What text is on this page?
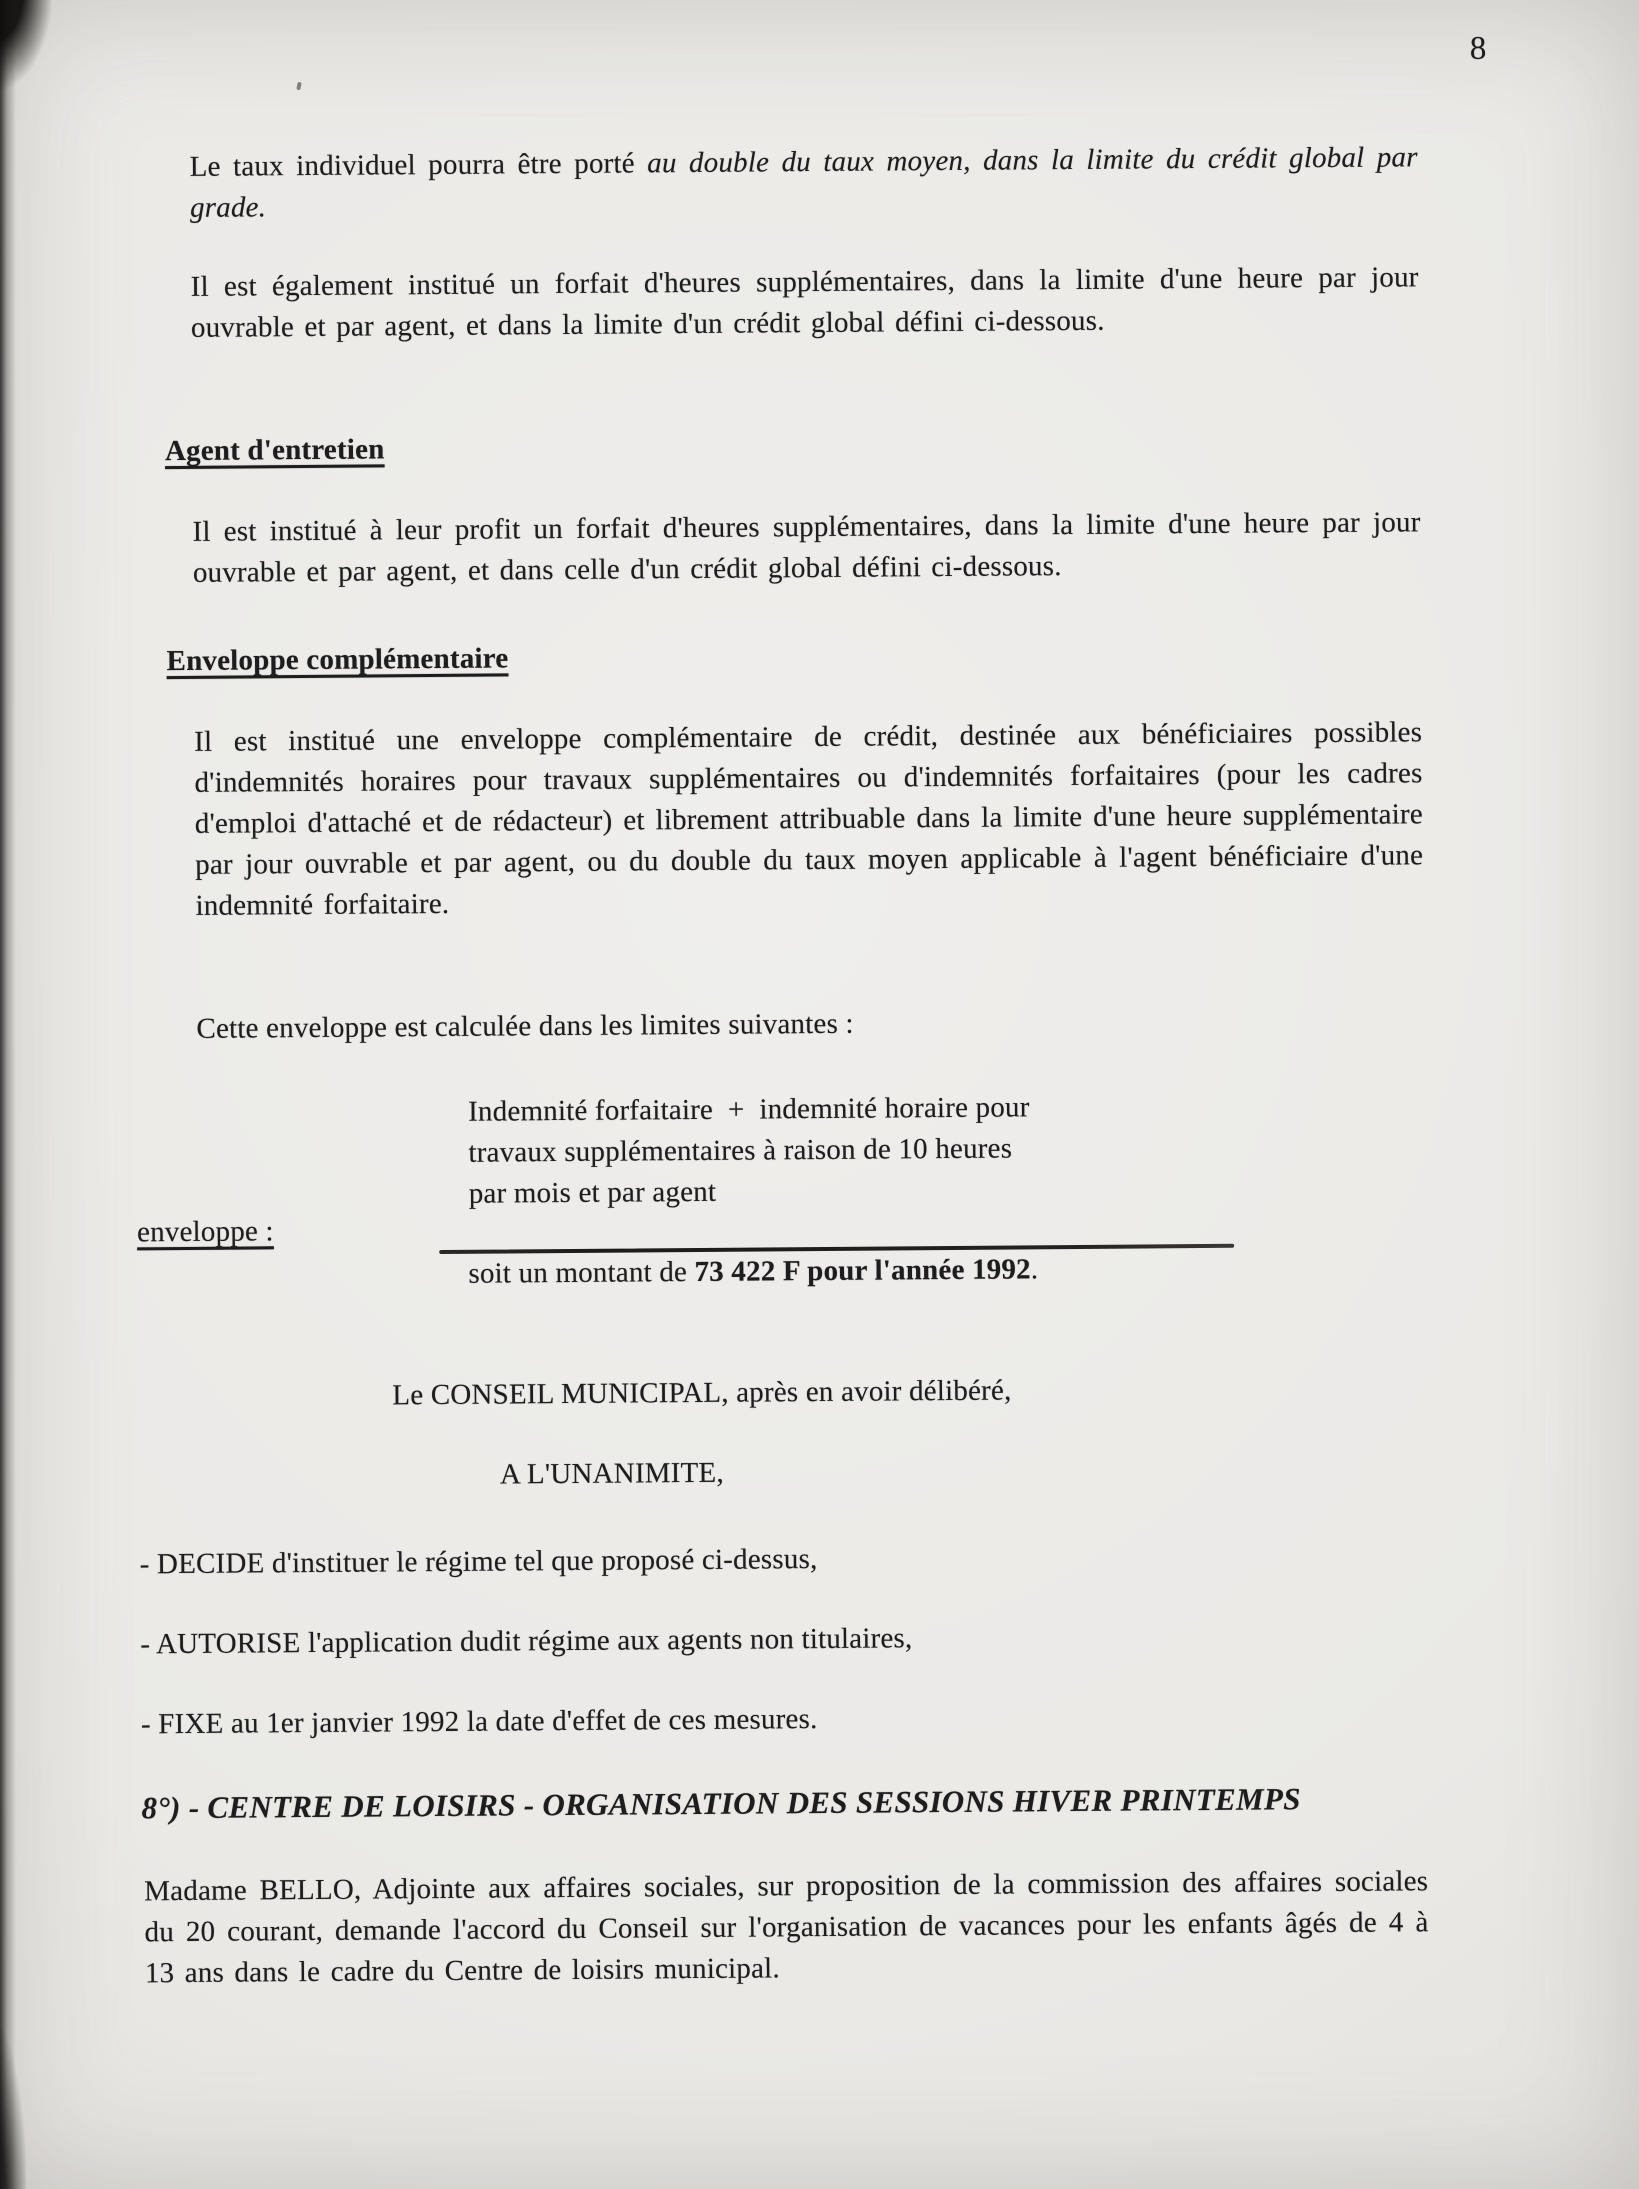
8

Le taux individuel pourra être porté au double du taux moyen, dans la limite du crédit global par grade.

Il est également institué un forfait d'heures supplémentaires, dans la limite d'une heure par jour ouvrable et par agent, et dans la limite d'un crédit global défini ci-dessous.

Agent d'entretien

Il est institué à leur profit un forfait d'heures supplémentaires, dans la limite d'une heure par jour ouvrable et par agent, et dans celle d'un crédit global défini ci-dessous.

Enveloppe complémentaire

Il est institué une enveloppe complémentaire de crédit, destinée aux bénéficiaires possibles d'indemnités horaires pour travaux supplémentaires ou d'indemnités forfaitaires (pour les cadres d'emploi d'attaché et de rédacteur) et librement attribuable dans la limite d'une heure supplémentaire par jour ouvrable et par agent, ou du double du taux moyen applicable à l'agent bénéficiaire d'une indemnité forfaitaire.

Cette enveloppe est calculée dans les limites suivantes :

Indemnité forfaitaire  +  indemnité horaire pour
travaux supplémentaires à raison de 10 heures
par mois et par agent
enveloppe :

soit un montant de 73 422 F pour l'année 1992.

Le CONSEIL MUNICIPAL, après en avoir délibéré,

A L'UNANIMITE,

- DECIDE d'instituer le régime tel que proposé ci-dessus,

- AUTORISE l'application dudit régime aux agents non titulaires,

- FIXE au 1er janvier 1992 la date d'effet de ces mesures.

8°) - CENTRE DE LOISIRS - ORGANISATION DES SESSIONS HIVER PRINTEMPS

Madame BELLO, Adjointe aux affaires sociales, sur proposition de la commission des affaires sociales du 20 courant, demande l'accord du Conseil sur l'organisation de vacances pour les enfants âgés de 4 à 13 ans dans le cadre du Centre de loisirs municipal.
